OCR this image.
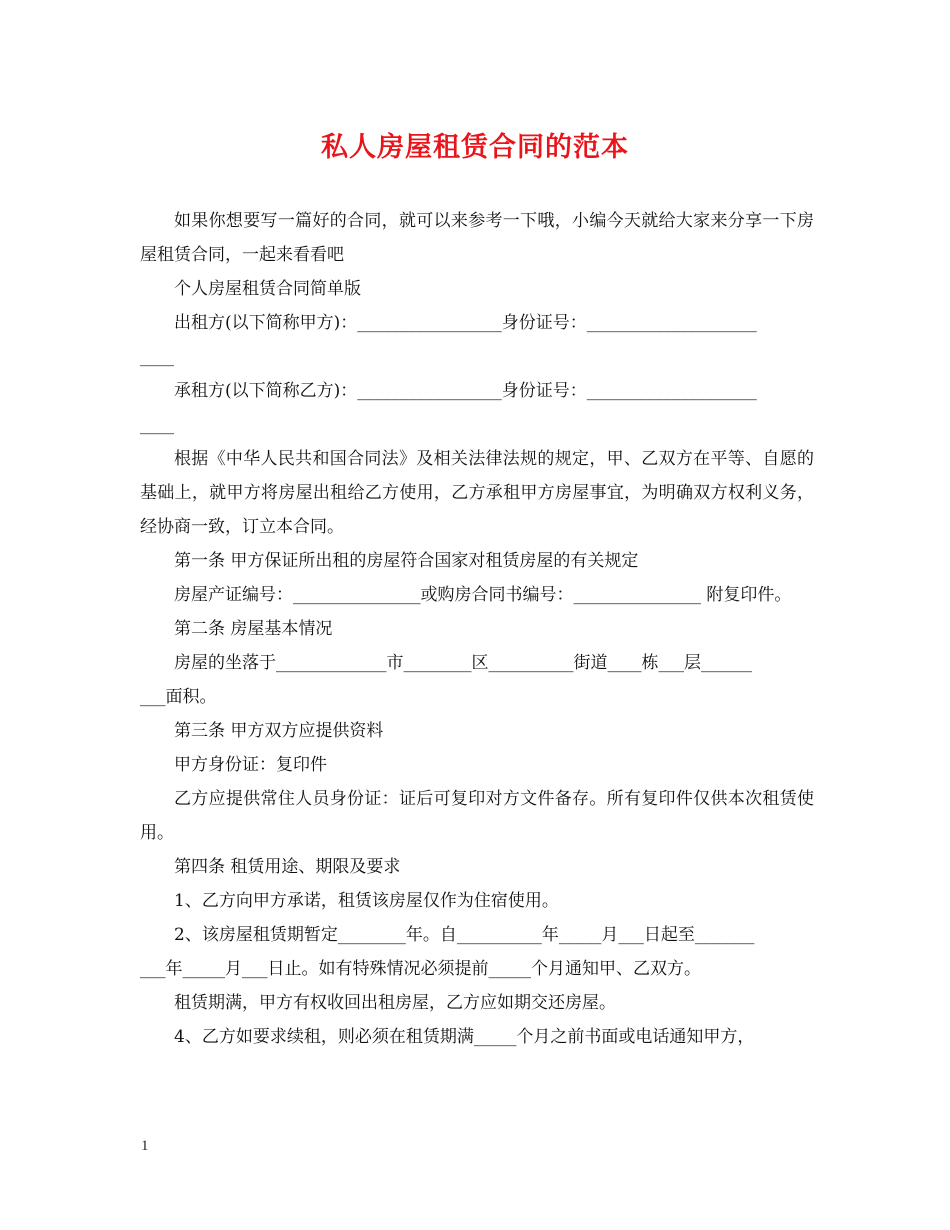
私人房屋租赁合同的范本

如果你想要写一篇好的合同，就可以来参考一下哦，小编今天就给大家来分享一下房屋租赁合同，一起来看看吧

个人房屋租赁合同简单版

出租方(以下简称甲方)：_________________身份证号：____________________

____

承租方(以下简称乙方)：_________________身份证号：____________________

____

根据《中华人民共和国合同法》及相关法律法规的规定，甲、乙双方在平等、自愿的基础上，就甲方将房屋出租给乙方使用，乙方承租甲方房屋事宜，为明确双方权利义务，经协商一致，订立本合同。

第一条 甲方保证所出租的房屋符合国家对租赁房屋的有关规定

房屋产证编号：_______________或购房合同书编号：_______________ 附复印件。

第二条 房屋基本情况

房屋的坐落于_____________市________区__________街道____栋___层______

___面积。

第三条 甲方双方应提供资料

甲方身份证：复印件

乙方应提供常住人员身份证：证后可复印对方文件备存。所有复印件仅供本次租赁使用。

第四条 租赁用途、期限及要求

1、乙方向甲方承诺，租赁该房屋仅作为住宿使用。

2、该房屋租赁期暂定________年。自__________年_____月___日起至_______

___年_____月___日止。如有特殊情况必须提前_____个月通知甲、乙双方。

租赁期满，甲方有权收回出租房屋，乙方应如期交还房屋。

4、乙方如要求续租，则必须在租赁期满_____个月之前书面或电话通知甲方，

1
